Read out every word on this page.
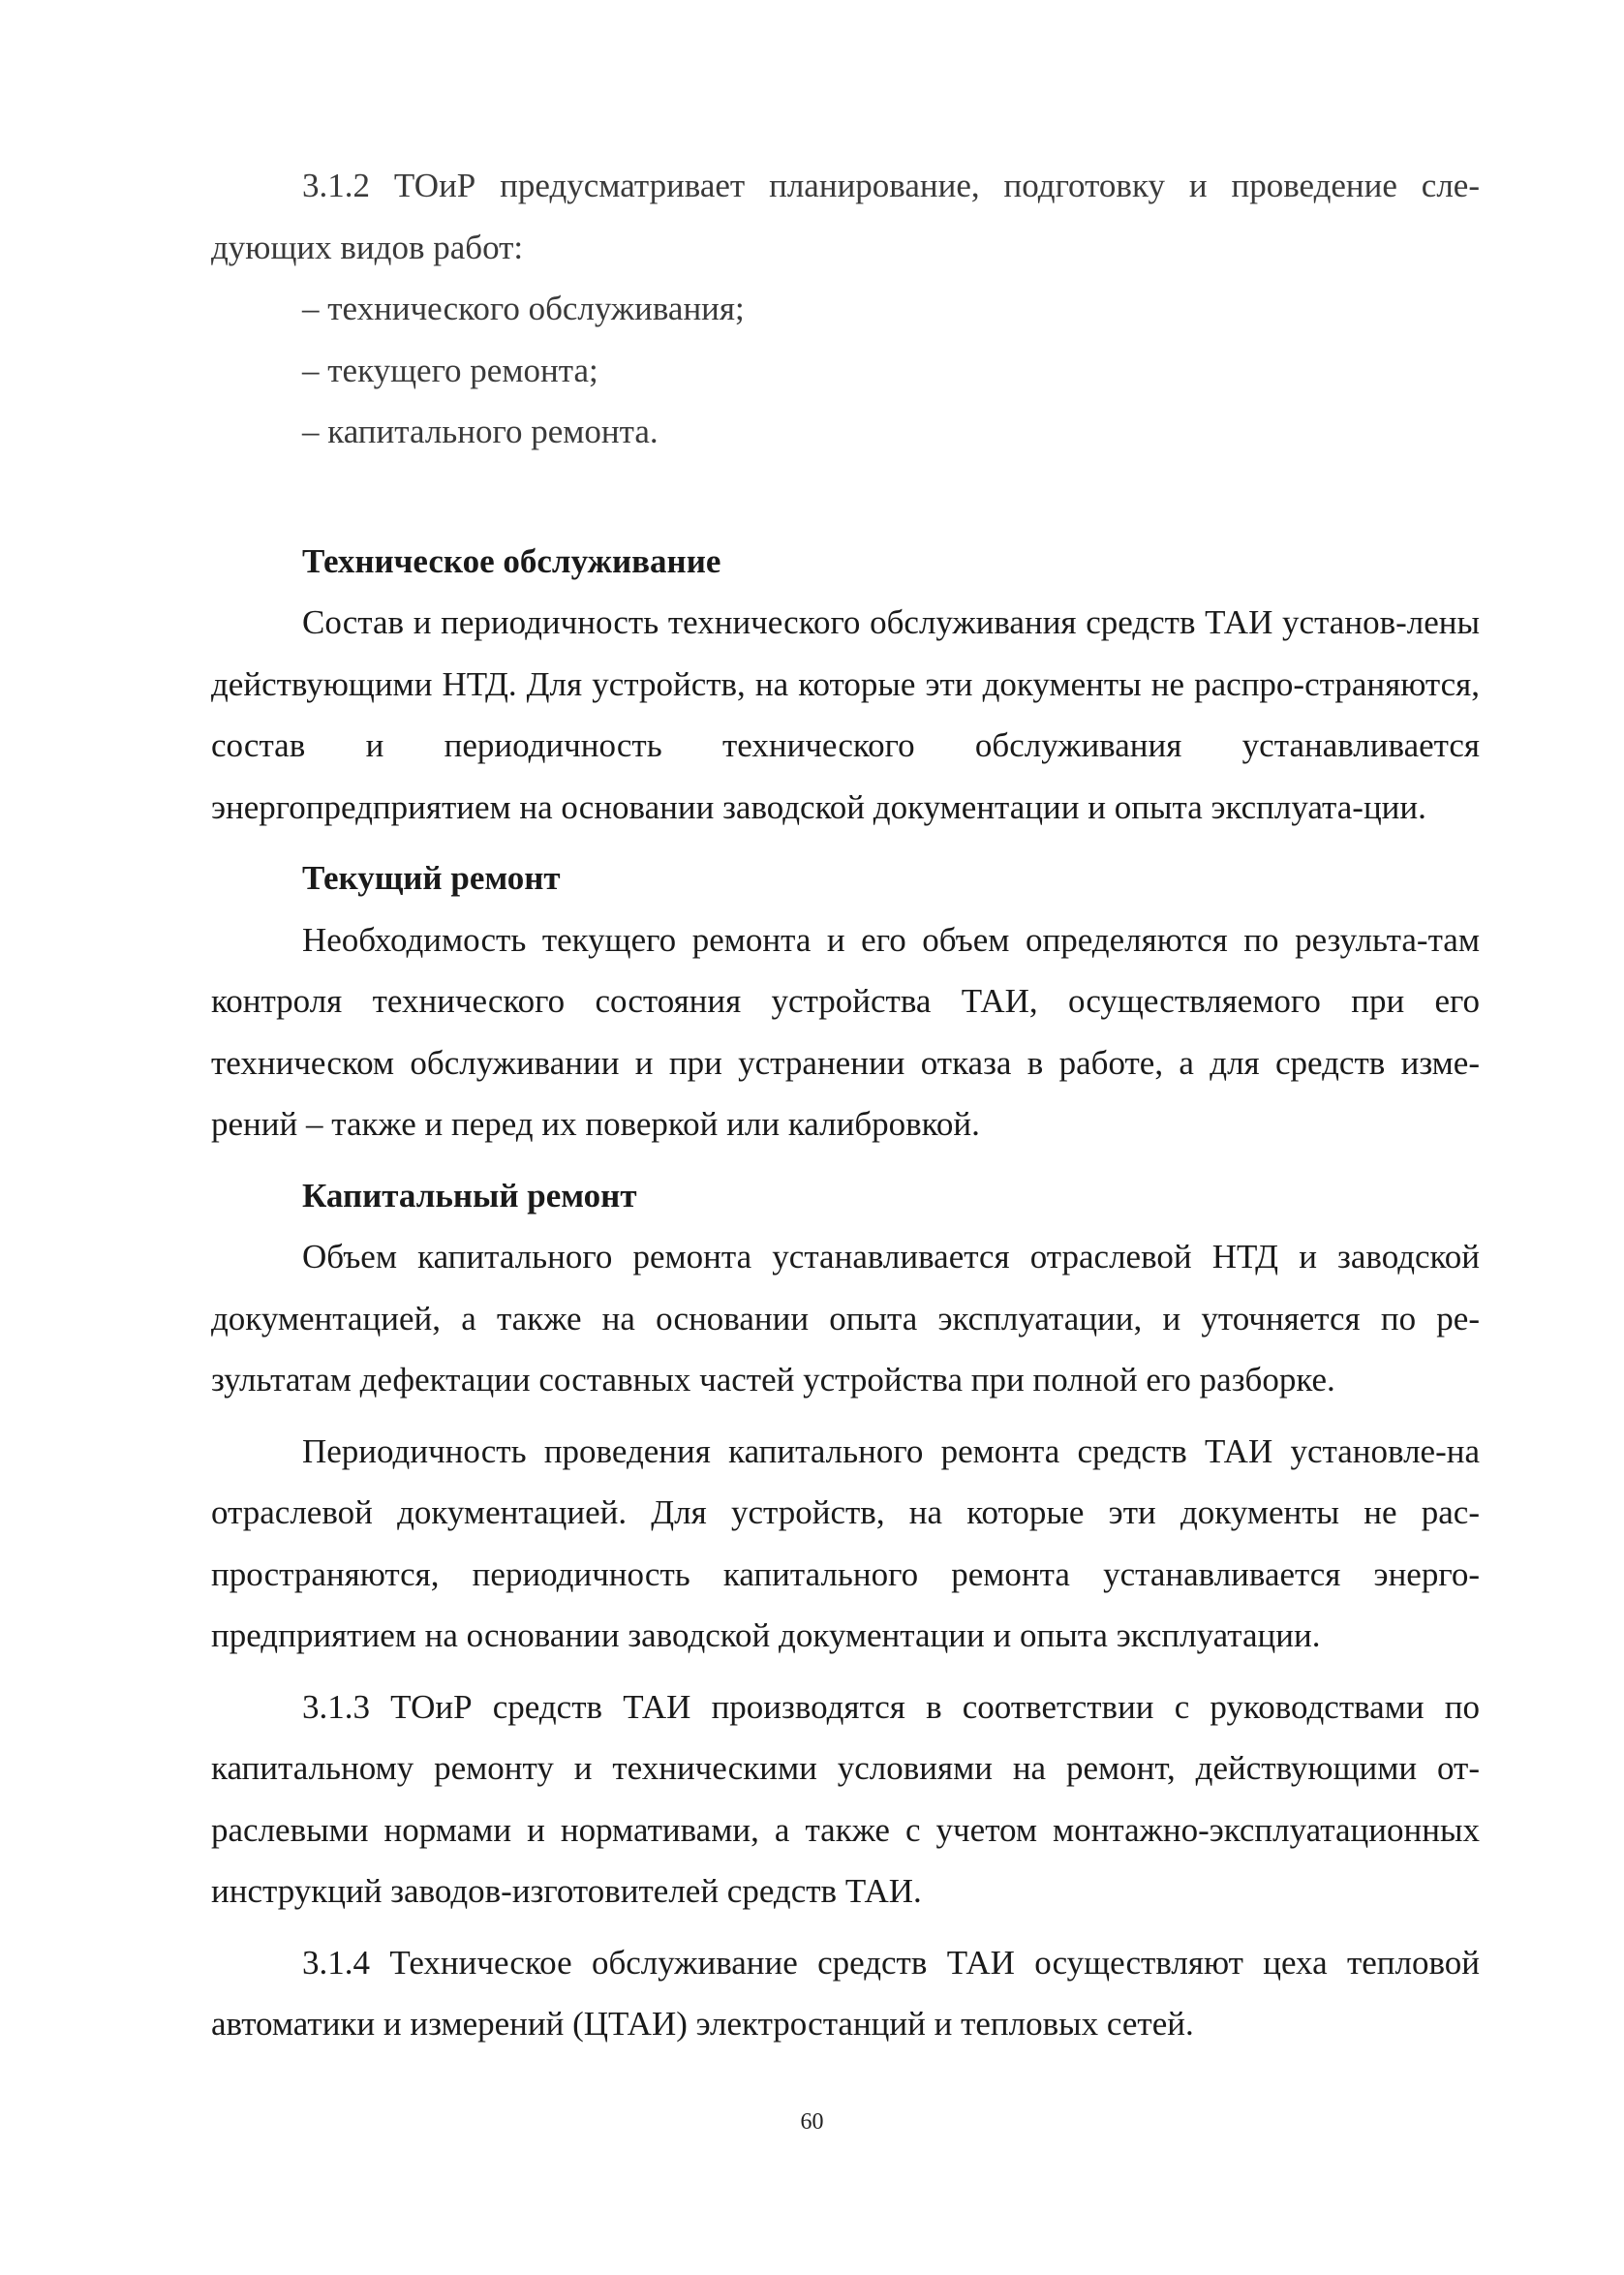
3.1.2 ТОиР предусматривает планирование, подготовку и проведение сле-дующих видов работ:

– технического обслуживания;

– текущего ремонта;

– капитального ремонта.

Техническое обслуживание

Состав и периодичность технического обслуживания средств ТАИ установ-лены действующими НТД. Для устройств, на которые эти документы не распро-страняются, состав и периодичность технического обслуживания устанавливается энергопредприятием на основании заводской документации и опыта эксплуата-ции.

Текущий ремонт

Необходимость текущего ремонта и его объем определяются по результа-там контроля технического состояния устройства ТАИ, осуществляемого при его техническом обслуживании и при устранении отказа в работе, а для средств изме-рений – также и перед их поверкой или калибровкой.

Капитальный ремонт

Объем капитального ремонта устанавливается отраслевой НТД и заводской документацией, а также на основании опыта эксплуатации, и уточняется по ре-зультатам дефектации составных частей устройства при полной его разборке.

Периодичность проведения капитального ремонта средств ТАИ установле-на отраслевой документацией. Для устройств, на которые эти документы не рас-пространяются, периодичность капитального ремонта устанавливается энерго-предприятием на основании заводской документации и опыта эксплуатации.

3.1.3 ТОиР средств ТАИ производятся в соответствии с руководствами по капитальному ремонту и техническими условиями на ремонт, действующими от-раслевыми нормами и нормативами, а также с учетом монтажно-эксплуатационных инструкций заводов-изготовителей средств ТАИ.

3.1.4 Техническое обслуживание средств ТАИ осуществляют цеха тепловой автоматики и измерений (ЦТАИ) электростанций и тепловых сетей.

60
